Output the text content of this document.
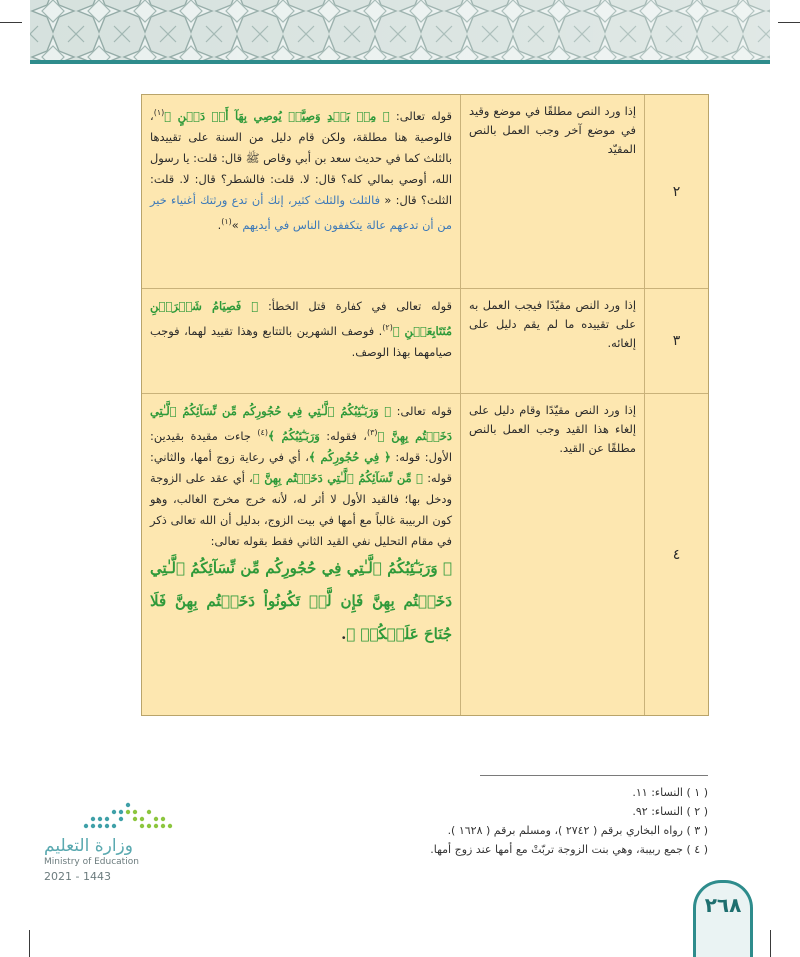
٢
إذا ورد النص مطلقًا في موضع وقيد في موضع آخر وجب العمل بالنص المقيّد
قوله تعالى: ﴿ مِنۢ بَعۡدِ وَصِيَّةٖ يُوصِي بِهَآ أَوۡ دَيۡنٍ ﴾$^{(١)}$، فالوصية هنا مطلقة، ولكن قام دليل من السنة على تقييدها بالثلث كما في حديث سعد بن أبي وقاص ﷺ قال: قلت: يا رسول الله، أوصي بمالي كله؟ قال: لا. قلت: فالشطر؟ قال: لا. قلت: الثلث؟ قال: « فالثلث والثلث كثير، إنك أن تدع ورثتك أغنياء خير من أن تدعهم عالة يتكففون الناس في أيديهم »$^{(١)}$.
٣
إذا ورد النص مقيّدًا فيجب العمل به على تقييده ما لم يقم دليل على إلغائه.
قوله تعالى في كفارة قتل الخطأ: ﴿ فَصِيَامُ شَهۡرَيۡنِ مُتَتَابِعَيۡنِ ﴾$^{(٢)}$. فوصف الشهرين بالتتابع وهذا تقييد لهما، فوجب صيامهما بهذا الوصف.
٤
إذا ورد النص مقيّدًا وقام دليل على إلغاء هذا القيد وجب العمل بالنص مطلقًا عن القيد.
قوله تعالى: ﴿ وَرَبَـٰٓئِبُكُمُ ٱلَّـٰتِي فِي حُجُورِكُم مِّن نِّسَآئِكُمُ ٱلَّـٰتِي دَخَلۡتُم بِهِنَّ ﴾$^{(٣)}$، فقوله: وَرَبَـٰٓئِبُكُمُ ﴾$^{(٤)}$ جاءت مقيدة بقيدين: الأول: قوله: ﴿ فِي حُجُورِكُم ﴾، أي في رعاية زوج أمها، والثاني: قوله: ﴿ مِّن نِّسَآئِكُمُ ٱلَّـٰتِي دَخَلۡتُم بِهِنَّ ﴾، أي عقد على الزوجة ودخل بها؛ فالقيد الأول لا أثر له، لأنه خرج مخرج الغالب، وهو كون الربيبة غالباً مع أمها في بيت الزوج، بدليل أن الله تعالى ذكر في مقام التحليل نفي القيد الثاني فقط بقوله تعالى:
﴿ وَرَبَـٰٓئِبُكُمُ ٱلَّـٰتِي فِي حُجُورِكُم مِّن نِّسَآئِكُمُ ٱلَّـٰتِي دَخَلۡتُم بِهِنَّ فَإِن لَّمۡ تَكُونُواْ دَخَلۡتُم بِهِنَّ فَلَا جُنَاحَ عَلَيۡكُمۡ ﴾.
( ١ ) النساء: ١١.
( ٢ ) النساء: ٩٢.
( ٣ ) رواه البخاري برقم ( ٢٧٤٢ )، ومسلم برقم ( ١٦٢٨ ).
( ٤ ) جمع ربيبة، وهي بنت الزوجة تربّتْ مع أمها عند زوج أمها.
وزارة التعليم
Ministry of Education
2021 - 1443
٢٦٨
